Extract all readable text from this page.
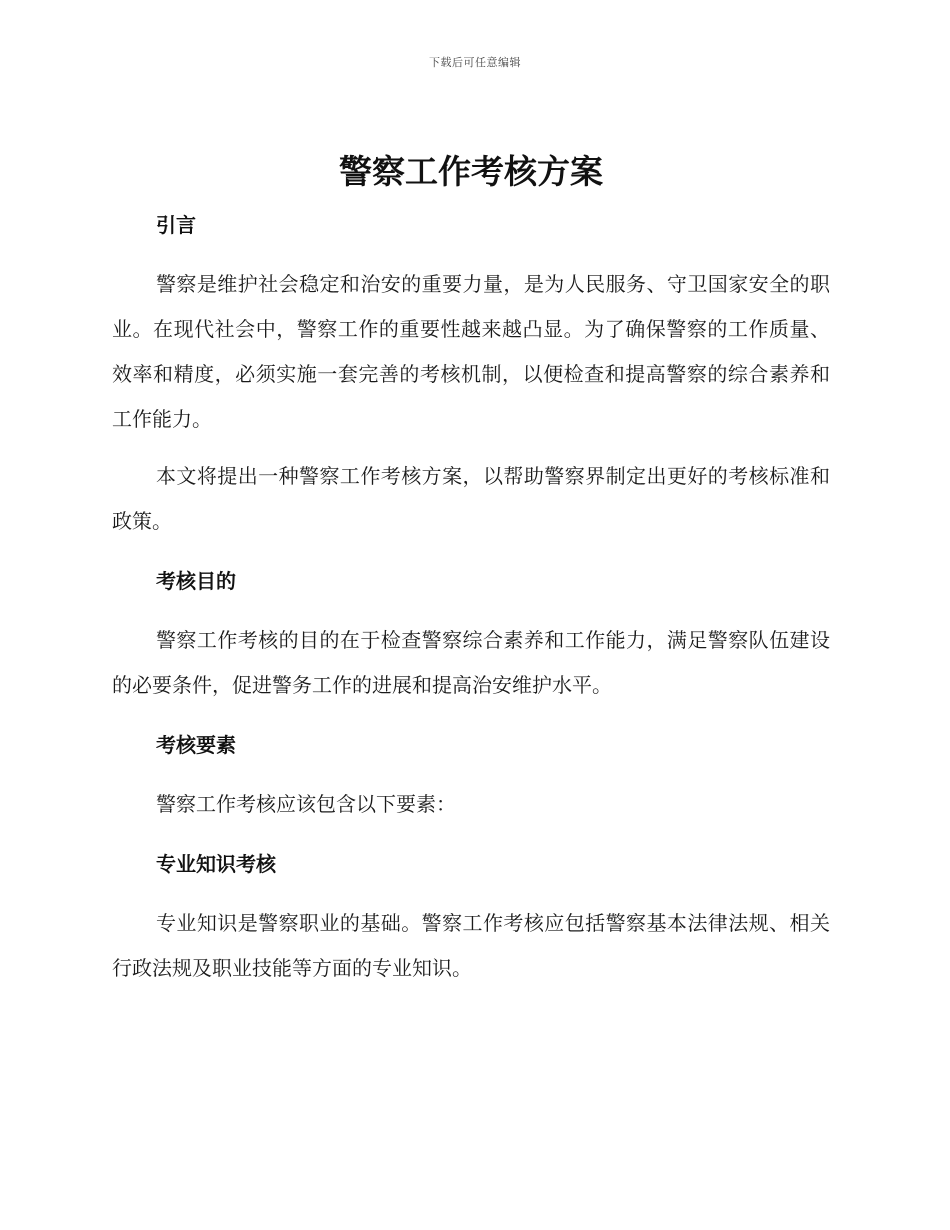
下载后可任意编辑
警察工作考核方案
引言

警察是维护社会稳定和治安的重要力量，是为人民服务、守卫国家安全的职业。在现代社会中，警察工作的重要性越来越凸显。为了确保警察的工作质量、效率和精度，必须实施一套完善的考核机制，以便检查和提高警察的综合素养和工作能力。

本文将提出一种警察工作考核方案，以帮助警察界制定出更好的考核标准和政策。

考核目的

警察工作考核的目的在于检查警察综合素养和工作能力，满足警察队伍建设的必要条件，促进警务工作的进展和提高治安维护水平。

考核要素

警察工作考核应该包含以下要素：

专业知识考核

专业知识是警察职业的基础。警察工作考核应包括警察基本法律法规、相关行政法规及职业技能等方面的专业知识。
